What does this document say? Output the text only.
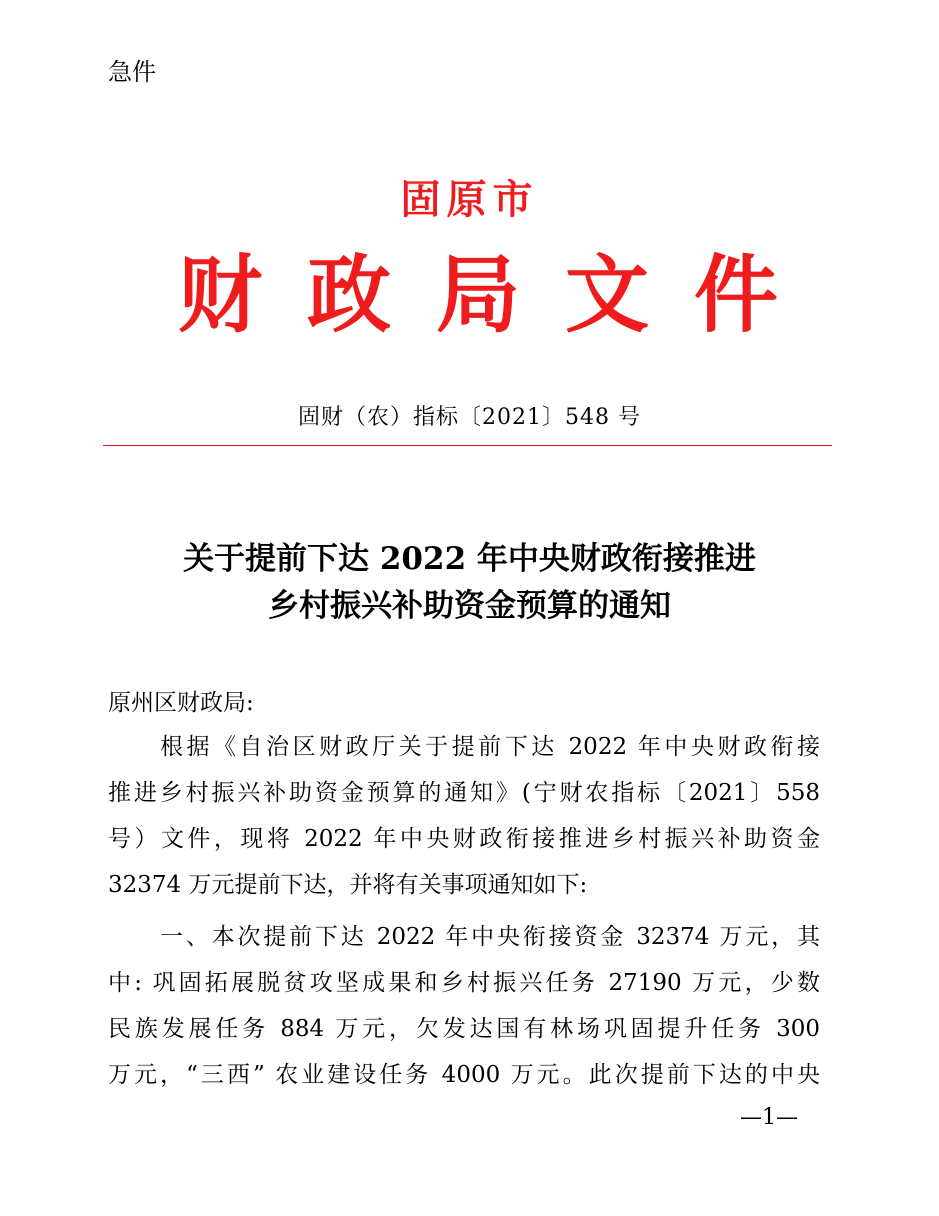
急件
固原市
财 政 局 文 件
固财（农）指标〔2021〕548 号
关于提前下达 2022 年中央财政衔接推进
乡村振兴补助资金预算的通知
原州区财政局:
根据《自治区财政厅关于提前下达 2022 年中央财政衔接
推进乡村振兴补助资金预算的通知》(宁财农指标〔2021〕558
号）文件，现将 2022 年中央财政衔接推进乡村振兴补助资金
32374 万元提前下达，并将有关事项通知如下:
一、本次提前下达 2022 年中央衔接资金 32374 万元，其
中: 巩固拓展脱贫攻坚成果和乡村振兴任务 27190 万元，少数
民族发展任务 884 万元，欠发达国有林场巩固提升任务 300
万元，“三西” 农业建设任务 4000 万元。此次提前下达的中央
—1—
